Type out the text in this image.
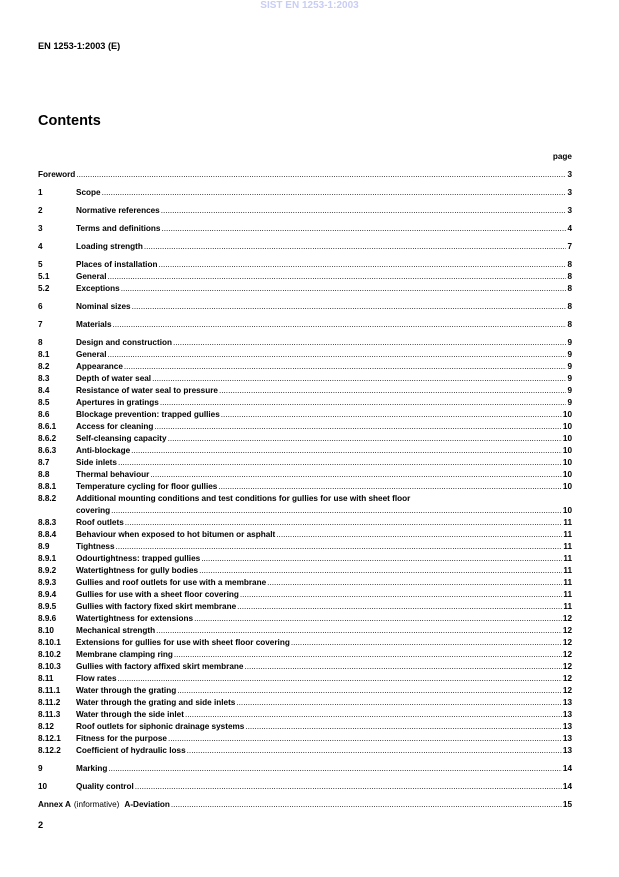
SIST EN 1253-1:2003
EN 1253-1:2003 (E)
Contents
page
Foreword .....	3
1	Scope .....	3
2	Normative references .....	3
3	Terms and definitions .....	4
4	Loading strength .....	7
5	Places of installation .....	8
5.1	General .....	8
5.2	Exceptions .....	8
6	Nominal sizes .....	8
7	Materials .....	8
8	Design and construction .....	9
8.1	General .....	9
8.2	Appearance .....	9
8.3	Depth of water seal .....	9
8.4	Resistance of water seal to pressure .....	9
8.5	Apertures in gratings .....	9
8.6	Blockage prevention: trapped gullies .....	10
8.6.1	Access for cleaning .....	10
8.6.2	Self-cleansing capacity .....	10
8.6.3	Anti-blockage .....	10
8.7	Side inlets .....	10
8.8	Thermal behaviour .....	10
8.8.1	Temperature cycling for floor gullies .....	10
8.8.2	Additional mounting conditions and test conditions for gullies for use with sheet floor
covering .....	10
8.8.3	Roof outlets .....	11
8.8.4	Behaviour when exposed to hot bitumen or asphalt .....	11
8.9	Tightness .....	11
8.9.1	Odourtightness: trapped gullies .....	11
8.9.2	Watertightness for gully bodies .....	11
8.9.3	Gullies and roof outlets for use with a membrane .....	11
8.9.4	Gullies for use with a sheet floor covering .....	11
8.9.5	Gullies with factory fixed skirt membrane .....	11
8.9.6	Watertightness for extensions .....	12
8.10	Mechanical strength .....	12
8.10.1	Extensions for gullies for use with sheet floor covering .....	12
8.10.2	Membrane clamping ring .....	12
8.10.3	Gullies with factory affixed skirt membrane .....	12
8.11	Flow rates .....	12
8.11.1	Water through the grating .....	12
8.11.2	Water through the grating and side inlets .....	13
8.11.3	Water through the side inlet .....	13
8.12	Roof outlets for siphonic drainage systems .....	13
8.12.1	Fitness for the purpose .....	13
8.12.2	Coefficient of hydraulic loss .....	13
9	Marking .....	14
10	Quality control .....	14
Annex A (informative) A-Deviation .....	15
2
